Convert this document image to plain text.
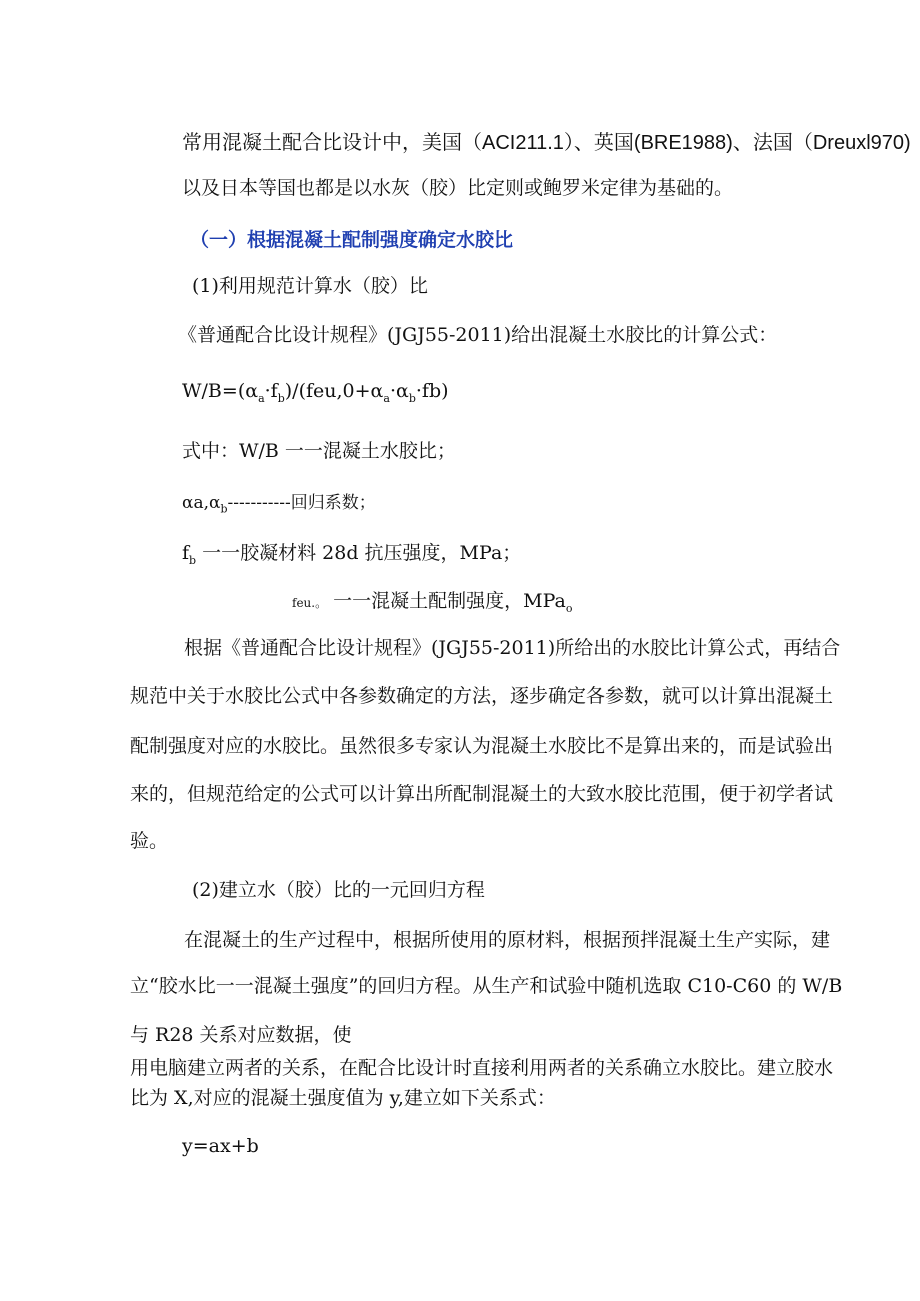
常用混凝土配合比设计中，美国（ACI211.1）、英国(BRE1988)、法国（Dreuxl970)
以及日本等国也都是以水灰（胶）比定则或鲍罗米定律为基础的。
（一）根据混凝土配制强度确定水胶比
(1)利用规范计算水（胶）比
《普通配合比设计规程》(JGJ55-2011)给出混凝土水胶比的计算公式：
$W/B=(\alpha_a\cdot f_b)/(feu,0+\alpha_a\cdot\alpha_b\cdot fb)$
式中：W/B 一一混凝土水胶比；
$\alpha a,\alpha_b-----------$回归系数；
$f_b$ 一一胶凝材料 28d 抗压强度，MPa；
feu.。 一一混凝土配制强度，MPa$_o$
根据《普通配合比设计规程》(JGJ55-2011)所给出的水胶比计算公式，再结合
规范中关于水胶比公式中各参数确定的方法，逐步确定各参数，就可以计算出混凝土
配制强度对应的水胶比。虽然很多专家认为混凝土水胶比不是算出来的，而是试验出
来的，但规范给定的公式可以计算出所配制混凝土的大致水胶比范围，便于初学者试
验。
(2)建立水（胶）比的一元回归方程
在混凝土的生产过程中，根据所使用的原材料，根据预拌混凝土生产实际，建
立“胶水比一一混凝土强度”的回归方程。从生产和试验中随机选取 C10-C60 的 W/B
与 R28 关系对应数据，使
用电脑建立两者的关系，在配合比设计时直接利用两者的关系确立水胶比。建立胶水
比为 X,对应的混凝土强度值为 y,建立如下关系式：
y=ax+b
